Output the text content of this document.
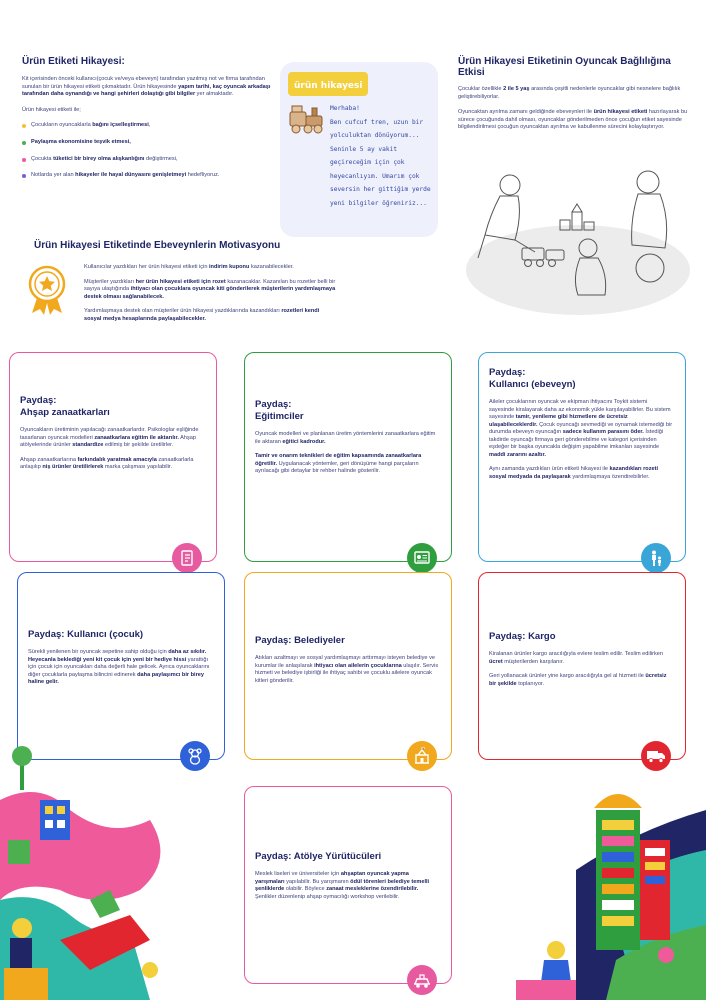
Ürün Etiketi Hikayesi:
Kit içerisinden önceki kullanıcı(çocuk ve/veya ebeveyn) tarafından yazılmış not ve firma tarafından sunulan bir ürün hikayesi etiketi çıkmaktadır. Ürün hikayesinde yapım tarihi, kaç oyuncak arkadaşı tarafından daha oynandığı ve hangi şehirleri dolaştığı gibi bilgiler yer almaktadır.
Ürün hikayesi etiketi ile;
Çocukların oyuncaklarla bağını içselleştirmesi,
Paylaşma ekonomisine teşvik etmesi,
Çocukta tüketici bir birey olma alışkanlığını değiştirmesi,
Notlarda yer alan hikayeler ile hayal dünyasını genişletmeyi hedefliyoruz.
ürün hikayesi
Merhaba!
Ben cufcuf tren, uzun bir
yolculuktan dönüyorum...
Seninle 5 ay vakit
geçireceğim için çok
heyecanlıyım. Umarım çok
seversin her gittiğim yerde
yeni bilgiler öğreniriz...
Ürün Hikayesi Etiketinin Oyuncak Bağlılığına Etkisi
Çocuklar özellikle 2 ile 5 yaş arasında çeşitli nedenlerle oyuncaklar gibi nesnelere bağlılık geliştirebiliyorlar.
Oyuncaktan ayrılma zamanı geldiğinde ebeveynleri ile ürün hikayesi etiketi hazırlayarak bu sürece çocuğunda dahil olması, oyuncaklar gönderilmeden önce çocuğun etiket sayesinde bilgilendirilmesi çocuğun oyuncaktan ayrılma ve kabullenme sürecini kolaylaştırıyor.
Ürün Hikayesi Etiketinde Ebeveynlerin Motivasyonu
Kullanıcılar yazdıkları her ürün hikayesi etiketi için indirim kuponu kazanabilecekler.
Müşteriler yazdıkları her ürün hikayesi etiketi için rozet kazanacaklar. Kazanılan bu rozetler belli bir sayıya ulaştığında ihtiyacı olan çocuklara oyuncak kiti gönderilerek müşterilerin yardımlaşmaya destek olması sağlanabilecek.
Yardımlaşmaya destek olan müşteriler ürün hikayesi yazdıklarında kazandıkları rozetleri kendi sosyal medya hesaplarında paylaşabilecekler.
Paydaş:
Ahşap zanaatkarları

Oyuncakların üretiminin yapılacağı zanaatkarlardır. Psikologlar eşliğinde tasarlanan oyuncak modelleri zanaatkarlara eğitim ile aktarılır. Ahşap atölyelerinde ürünler standardize edilmiş bir şekilde üretilirler.

Ahşap zanaatkarlarına farkındalık yaratmak amacıyla zanaatkarlarla anlaşılıp niş ürünler üretilirlerek marka çalışması yapılabilir.

Paydaş:
Eğitimciler

Oyuncak modelleri ve planlanan üretim yöntemlerini zanaatkarlara eğitim ile aktaran eğitici kadrodur.

Tamir ve onarım teknikleri de eğitim kapsamında zanaatkarlara öğretilir. Uygulanacak yöntemler, geri dönüşüme hangi parçaların ayrılacağı gibi detaylar bir rehber halinde gösterilir.

Paydaş:
Kullanıcı (ebeveyn)

Aileler çocuklarının oyuncak ve ekipman ihtiyacını Toykit sistemi sayesinde kiralayarak daha az ekonomik yükle karşılayabilirler. Bu sistem sayesinde tamir, yenileme gibi hizmetlere de ücretsiz ulaşabileceklerdir. Çocuk oyuncağı sevmediği ve oynamak istemediği bir durumda ebeveyn oyuncağın sadece kullanım parasını öder. İstediği takdirde oyuncağı firmaya geri gönderebilme ve kategori içerisinden eşdeğer bir başka oyuncakla değişim yapabilme imkanları sayesinde maddi zararını azaltır.

Aynı zamanda yazdıkları ürün etiketi hikayesi ile kazandıkları rozeti sosyal medyada da paylaşarak yardımlaşmaya özendirebilirler.

Paydaş: Kullanıcı (çocuk)

Sürekli yenilenen bir oyuncak sepetine sahip olduğu için daha az sıkılır. Heyecanla beklediği yeni kit çocuk için yeni bir hediye hissi yarattığı için çocuk için oyuncakları daha değerli hale gelicek. Ayrıca oyuncaklarını diğer çocuklarla paylaşma bilincini edinerek daha paylaşımcı bir birey haline gelir.

Paydaş: Belediyeler

Atıkları azaltmayı ve sosyal yardımlaşmayı arttırmayı isteyen belediye ve kurumlar ile anlaşılarak ihtiyacı olan ailelerin çocuklarına ulaşılır. Servis hizmeti ve belediye işbirliği ile ihtiyaç sahibi ve çocuklu ailelere oyuncak kitleri gönderilir.

Paydaş: Kargo

Kiralanan ürünler kargo aracılığıyla evlere teslim edilir. Teslim edilirken ücret müşterilerden karşılanır.

Geri yollanacak ürünler yine kargo aracılığıyla gel al hizmeti ile ücretsiz bir şekilde toplanıyor.

Paydaş: Atölye Yürütücüleri

Meslek liseleri ve üniversiteler için ahşaptan oyuncak yapma yarışmaları yapılabilir. Bu yarışmanın ödül törenleri belediye temelli şenliklerde olabilir. Böylece zanaat mesleklerine özendirilebilir. Şenlikler düzenlenip ahşap oymacılığı workshop verilebilir.
